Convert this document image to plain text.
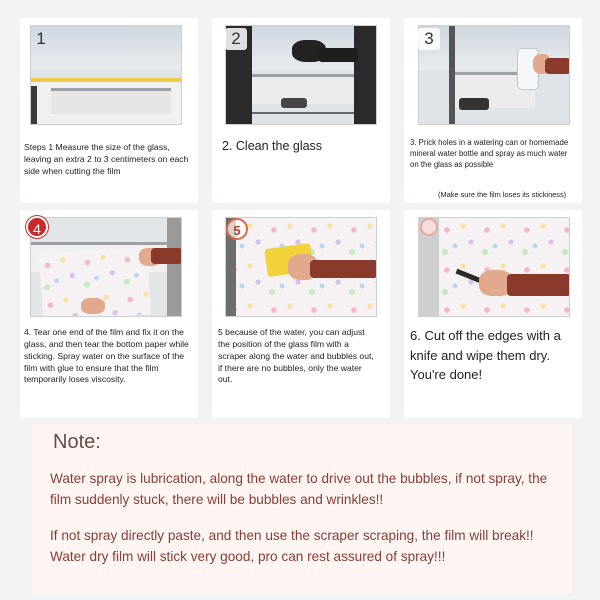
1	2	3
Steps 1 Measure the size of the glass, leaving an extra 2 to 3 centimeters on each side when cutting the film
2. Clean the glass	3. Prick holes in a watering can or homemade mineral water bottle and spray as much water on the glass as possible
(Make sure the film loses its stickiness)
4	5
4. Tear one end of the film and fix it on the glass, and then tear the bottom paper while sticking. Spray water on the surface of the film with glue to ensure that the film temporarily loses viscosity.
5 because of the water, you can adjust the position of the glass film with a scraper along the water and bubbles out, if there are no bubbles, only the water out.
6. Cut off the edges with a knife and wipe them dry. You're done!
Note:
Water spray is lubrication, along the water to drive out the bubbles, if not spray, the film suddenly stuck, there will be bubbles and wrinkles!!
If not spray directly paste, and then use the scraper scraping, the film will break!! Water dry film will stick very good, pro can rest assured of spray!!!
